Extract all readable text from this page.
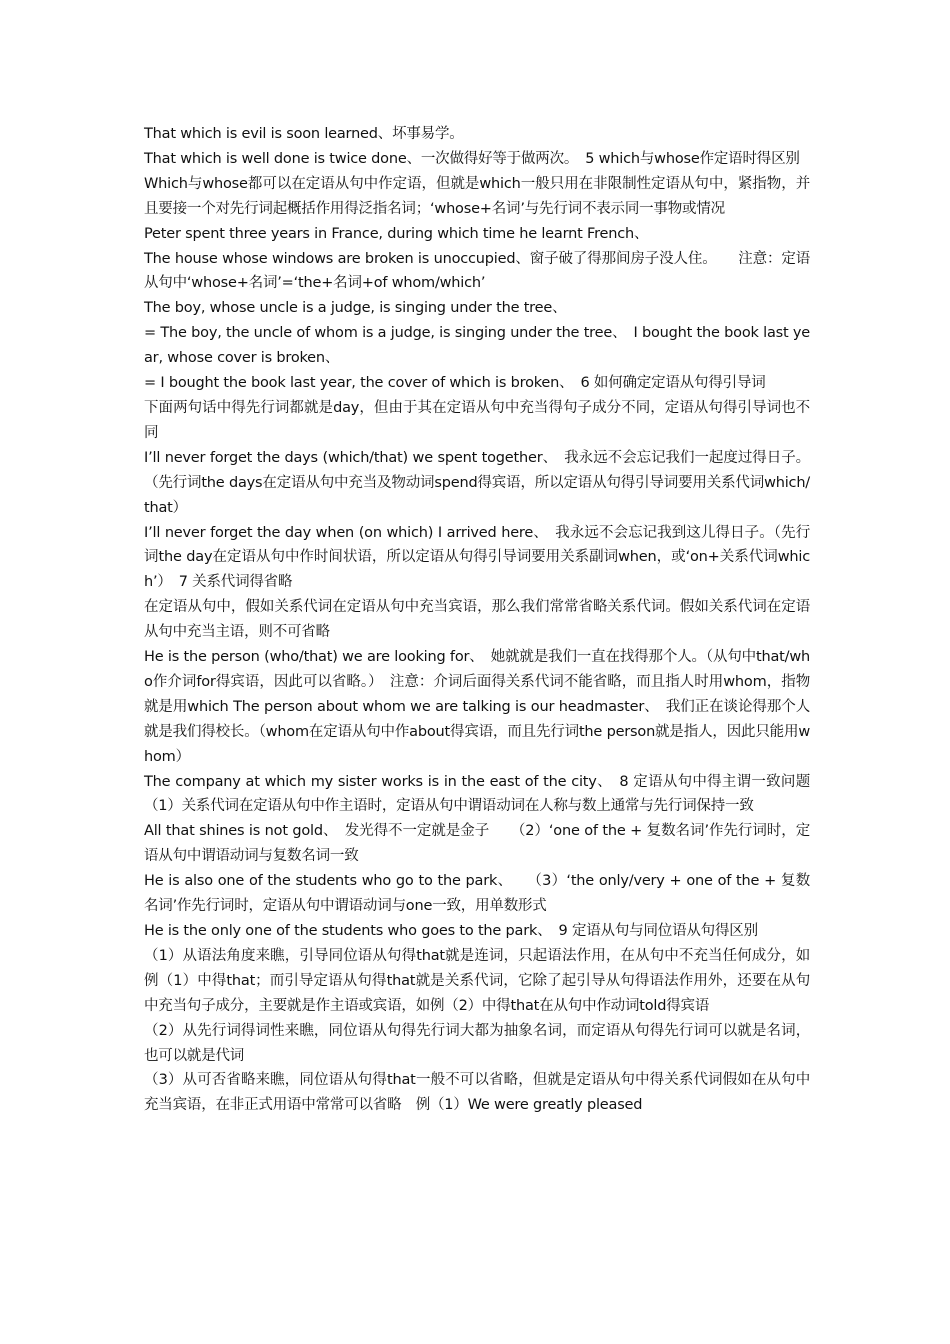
That which is evil is soon learned、坏事易学。

That which is well done is twice done、一次做得好等于做两次。　5 which与whose作定语时得区别

Which与whose都可以在定语从句中作定语，但就是which一般只用在非限制性定语从句中，紧指物，并且要接一个对先行词起概括作用得泛指名词；‘whose+名词’与先行词不表示同一事物或情况

Peter spent three years in France, during which time he learnt French、

The house whose windows are broken is unoccupied、窗子破了得那间房子没人住。　　注意：定语从句中‘whose+名词’=‘the+名词+of whom/which’

The boy, whose uncle is a judge, is singing under the tree、

= The boy, the uncle of whom is a judge, is singing under the tree、　I bought the book last year, whose cover is broken、

= I bought the book last year, the cover of which is broken、　6 如何确定定语从句得引导词

下面两句话中得先行词都就是day，但由于其在定语从句中充当得句子成分不同，定语从句得引导词也不同

I’ll never forget the days (which/that) we spent together、　我永远不会忘记我们一起度过得日子。（先行词the days在定语从句中充当及物动词spend得宾语，所以定语从句得引导词要用关系代词which/that）

I’ll never forget the day when (on which) I arrived here、　我永远不会忘记我到这儿得日子。（先行词the day在定语从句中作时间状语，所以定语从句得引导词要用关系副词when，或‘on+关系代词which’）　7 关系代词得省略

在定语从句中，假如关系代词在定语从句中充当宾语，那么我们常常省略关系代词。假如关系代词在定语从句中充当主语，则不可省略

He is the person (who/that) we are looking for、　她就就是我们一直在找得那个人。（从句中that/who作介词for得宾语，因此可以省略。）　注意：介词后面得关系代词不能省略，而且指人时用whom，指物就是用which The person about whom we are talking is our headmaster、　我们正在谈论得那个人就是我们得校长。（whom在定语从句中作about得宾语，而且先行词the person就是指人，因此只能用whom）

The company at which my sister works is in the east of the city、　8 定语从句中得主谓一致问题　　（1）关系代词在定语从句中作主语时，定语从句中谓语动词在人称与数上通常与先行词保持一致

All that shines is not gold、　发光得不一定就是金子　　（2）‘one of the + 复数名词’作先行词时，定语从句中谓语动词与复数名词一致

He is also one of the students who go to the park、　　（3）‘the only/very + one of the + 复数名词’作先行词时，定语从句中谓语动词与one一致，用单数形式

He is the only one of the students who goes to the park、　9 定语从句与同位语从句得区别

（1）从语法角度来瞧，引导同位语从句得that就是连词，只起语法作用，在从句中不充当任何成分，如例（1）中得that；而引导定语从句得that就是关系代词，它除了起引导从句得语法作用外，还要在从句中充当句子成分，主要就是作主语或宾语，如例（2）中得that在从句中作动词told得宾语

（2）从先行词得词性来瞧，同位语从句得先行词大都为抽象名词，而定语从句得先行词可以就是名词，也可以就是代词

（3）从可否省略来瞧，同位语从句得that一般不可以省略，但就是定语从句中得关系代词假如在从句中充当宾语，在非正式用语中常常可以省略　例（1）We were greatly pleased
